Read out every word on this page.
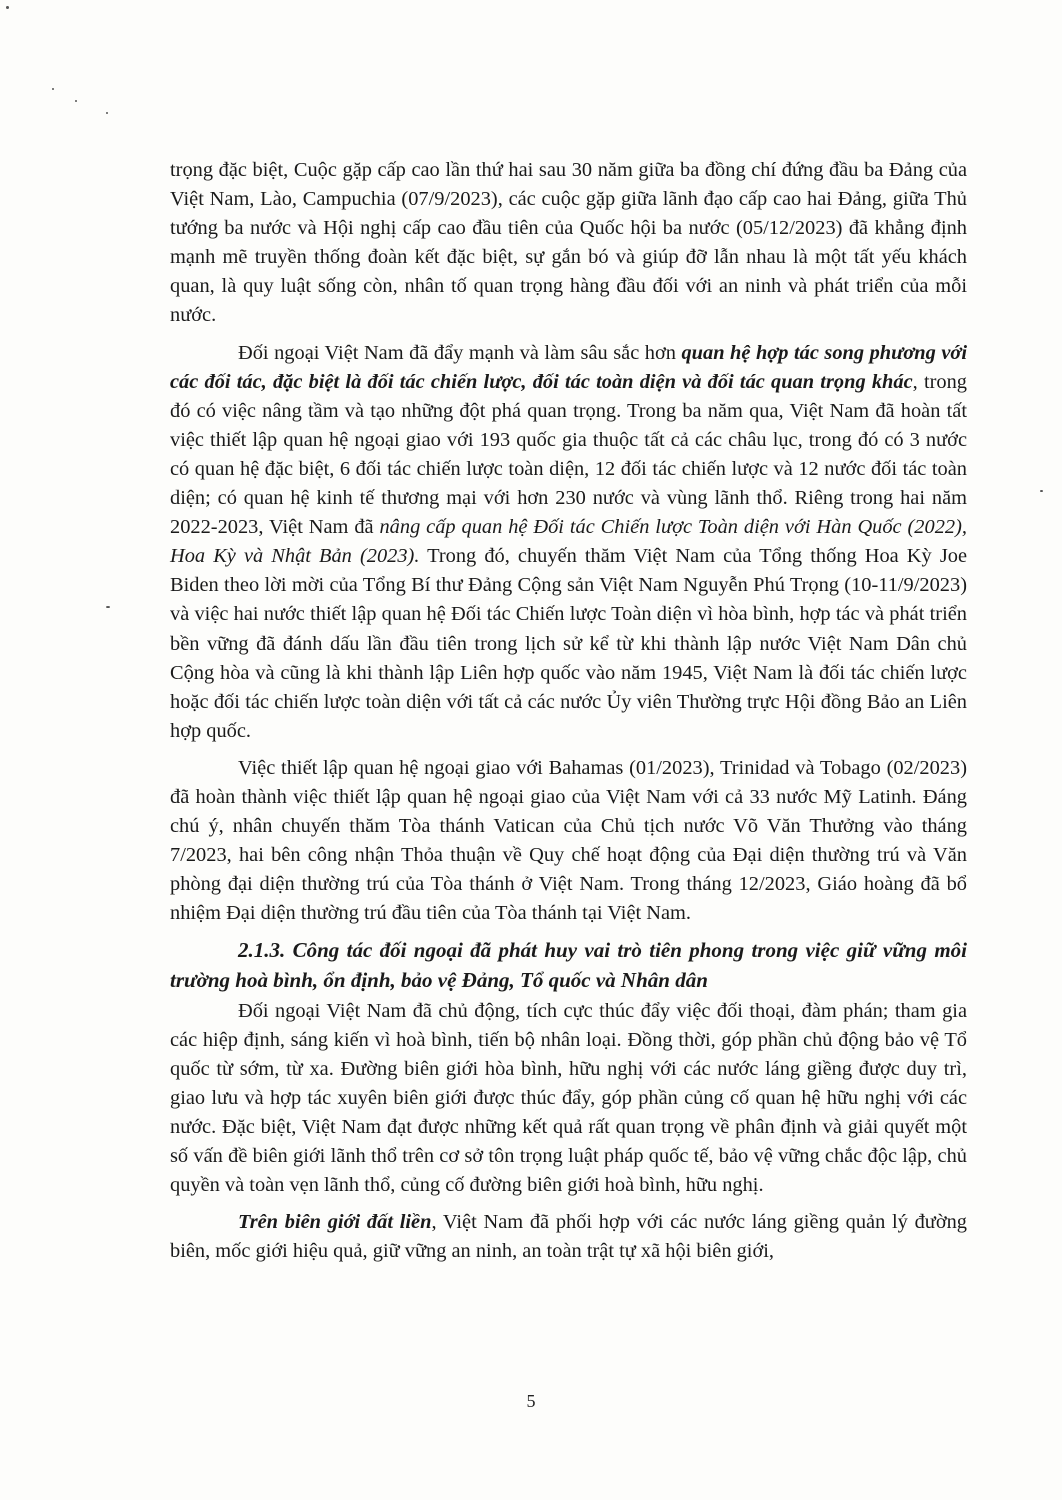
trọng đặc biệt, Cuộc gặp cấp cao lần thứ hai sau 30 năm giữa ba đồng chí đứng đầu ba Đảng của Việt Nam, Lào, Campuchia (07/9/2023), các cuộc gặp giữa lãnh đạo cấp cao hai Đảng, giữa Thủ tướng ba nước và Hội nghị cấp cao đầu tiên của Quốc hội ba nước (05/12/2023) đã khẳng định mạnh mẽ truyền thống đoàn kết đặc biệt, sự gắn bó và giúp đỡ lẫn nhau là một tất yếu khách quan, là quy luật sống còn, nhân tố quan trọng hàng đầu đối với an ninh và phát triển của mỗi nước.

Đối ngoại Việt Nam đã đẩy mạnh và làm sâu sắc hơn quan hệ hợp tác song phương với các đối tác, đặc biệt là đối tác chiến lược, đối tác toàn diện và đối tác quan trọng khác, trong đó có việc nâng tầm và tạo những đột phá quan trọng. Trong ba năm qua, Việt Nam đã hoàn tất việc thiết lập quan hệ ngoại giao với 193 quốc gia thuộc tất cả các châu lục, trong đó có 3 nước có quan hệ đặc biệt, 6 đối tác chiến lược toàn diện, 12 đối tác chiến lược và 12 nước đối tác toàn diện; có quan hệ kinh tế thương mại với hơn 230 nước và vùng lãnh thổ. Riêng trong hai năm 2022-2023, Việt Nam đã nâng cấp quan hệ Đối tác Chiến lược Toàn diện với Hàn Quốc (2022), Hoa Kỳ và Nhật Bản (2023). Trong đó, chuyến thăm Việt Nam của Tổng thống Hoa Kỳ Joe Biden theo lời mời của Tổng Bí thư Đảng Cộng sản Việt Nam Nguyễn Phú Trọng (10-11/9/2023) và việc hai nước thiết lập quan hệ Đối tác Chiến lược Toàn diện vì hòa bình, hợp tác và phát triển bền vững đã đánh dấu lần đầu tiên trong lịch sử kể từ khi thành lập nước Việt Nam Dân chủ Cộng hòa và cũng là khi thành lập Liên hợp quốc vào năm 1945, Việt Nam là đối tác chiến lược hoặc đối tác chiến lược toàn diện với tất cả các nước Ủy viên Thường trực Hội đồng Bảo an Liên hợp quốc.

Việc thiết lập quan hệ ngoại giao với Bahamas (01/2023), Trinidad và Tobago (02/2023) đã hoàn thành việc thiết lập quan hệ ngoại giao của Việt Nam với cả 33 nước Mỹ Latinh. Đáng chú ý, nhân chuyến thăm Tòa thánh Vatican của Chủ tịch nước Võ Văn Thưởng vào tháng 7/2023, hai bên công nhận Thỏa thuận về Quy chế hoạt động của Đại diện thường trú và Văn phòng đại diện thường trú của Tòa thánh ở Việt Nam. Trong tháng 12/2023, Giáo hoàng đã bổ nhiệm Đại diện thường trú đầu tiên của Tòa thánh tại Việt Nam.

2.1.3. Công tác đối ngoại đã phát huy vai trò tiên phong trong việc giữ vững môi trường hoà bình, ổn định, bảo vệ Đảng, Tổ quốc và Nhân dân

Đối ngoại Việt Nam đã chủ động, tích cực thúc đẩy việc đối thoại, đàm phán; tham gia các hiệp định, sáng kiến vì hoà bình, tiến bộ nhân loại. Đồng thời, góp phần chủ động bảo vệ Tổ quốc từ sớm, từ xa. Đường biên giới hòa bình, hữu nghị với các nước láng giềng được duy trì, giao lưu và hợp tác xuyên biên giới được thúc đẩy, góp phần củng cố quan hệ hữu nghị với các nước. Đặc biệt, Việt Nam đạt được những kết quả rất quan trọng về phân định và giải quyết một số vấn đề biên giới lãnh thổ trên cơ sở tôn trọng luật pháp quốc tế, bảo vệ vững chắc độc lập, chủ quyền và toàn vẹn lãnh thổ, củng cố đường biên giới hoà bình, hữu nghị.

Trên biên giới đất liền, Việt Nam đã phối hợp với các nước láng giềng quản lý đường biên, mốc giới hiệu quả, giữ vững an ninh, an toàn trật tự xã hội biên giới,

5
